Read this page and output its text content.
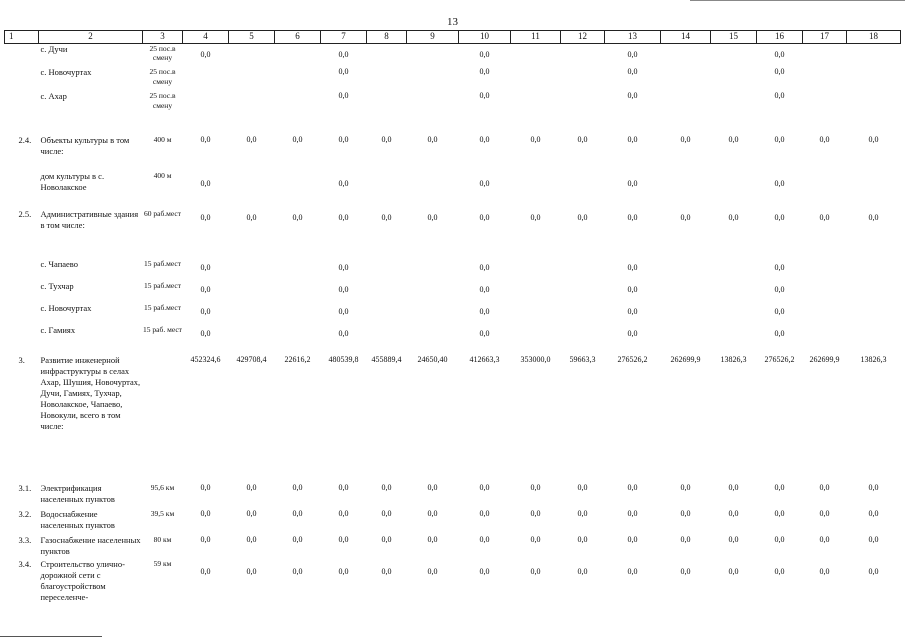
13
1	2	3	4	5	6	7	8	9	10	11	12	13	14	15	16	17	18
	с. Дучи	25 пос.в смену	0,0			0,0			0,0			0,0			0,0		

	с. Новочуртах	25 пос.в смену				0,0			0,0			0,0			0,0		

	с. Ахар	25 пос.в смену				0,0			0,0			0,0			0,0		

2.4.	Объекты культуры в том числе:	400 м	0,0	0,0	0,0	0,0	0,0	0,0	0,0	0,0	0,0	0,0	0,0	0,0	0,0	0,0	0,0

	дом культуры в с. Новолакское	400 м	0,0			0,0			0,0			0,0			0,0		

2.5.	Административные здания в том числе:	60 раб.мест	0,0	0,0	0,0	0,0	0,0	0,0	0,0	0,0	0,0	0,0	0,0	0,0	0,0	0,0	0,0

	с. Чапаево	15 раб.мест	0,0			0,0			0,0			0,0			0,0		

	с. Тухчар	15 раб.мест	0,0			0,0			0,0			0,0			0,0		

	с. Новочуртах	15 раб.мест	0,0			0,0			0,0			0,0			0,0		

	с. Гамиях	15 раб. мест	0,0			0,0			0,0			0,0			0,0		

3.	Развитие инженерной инфраструктуры в селах Ахар, Шушия, Новочуртах, Дучи, Гамиях, Тухчар, Новолакское, Чапаево, Новокули, всего в том числе:		452324,6	429708,4	22616,2	480539,8	455889,4	24650,40	412663,3	353000,0	59663,3	276526,2	262699,9	13826,3	276526,2	262699,9	13826,3

3.1.	Электрификация населенных пунктов	95,6 км	0,0	0,0	0,0	0,0	0,0	0,0	0,0	0,0	0,0	0,0	0,0	0,0	0,0	0,0	0,0

3.2.	Водоснабжение населенных пунктов	39,5 км	0,0	0,0	0,0	0,0	0,0	0,0	0,0	0,0	0,0	0,0	0,0	0,0	0,0	0,0	0,0

3.3.	Газоснабжение населенных пунктов	80 км	0,0	0,0	0,0	0,0	0,0	0,0	0,0	0,0	0,0	0,0	0,0	0,0	0,0	0,0	0,0

3.4.	Строительство улично-дорожной сети с благоустройством переселенче-	59 км	0,0	0,0	0,0	0,0	0,0	0,0	0,0	0,0	0,0	0,0	0,0	0,0	0,0	0,0	0,0
